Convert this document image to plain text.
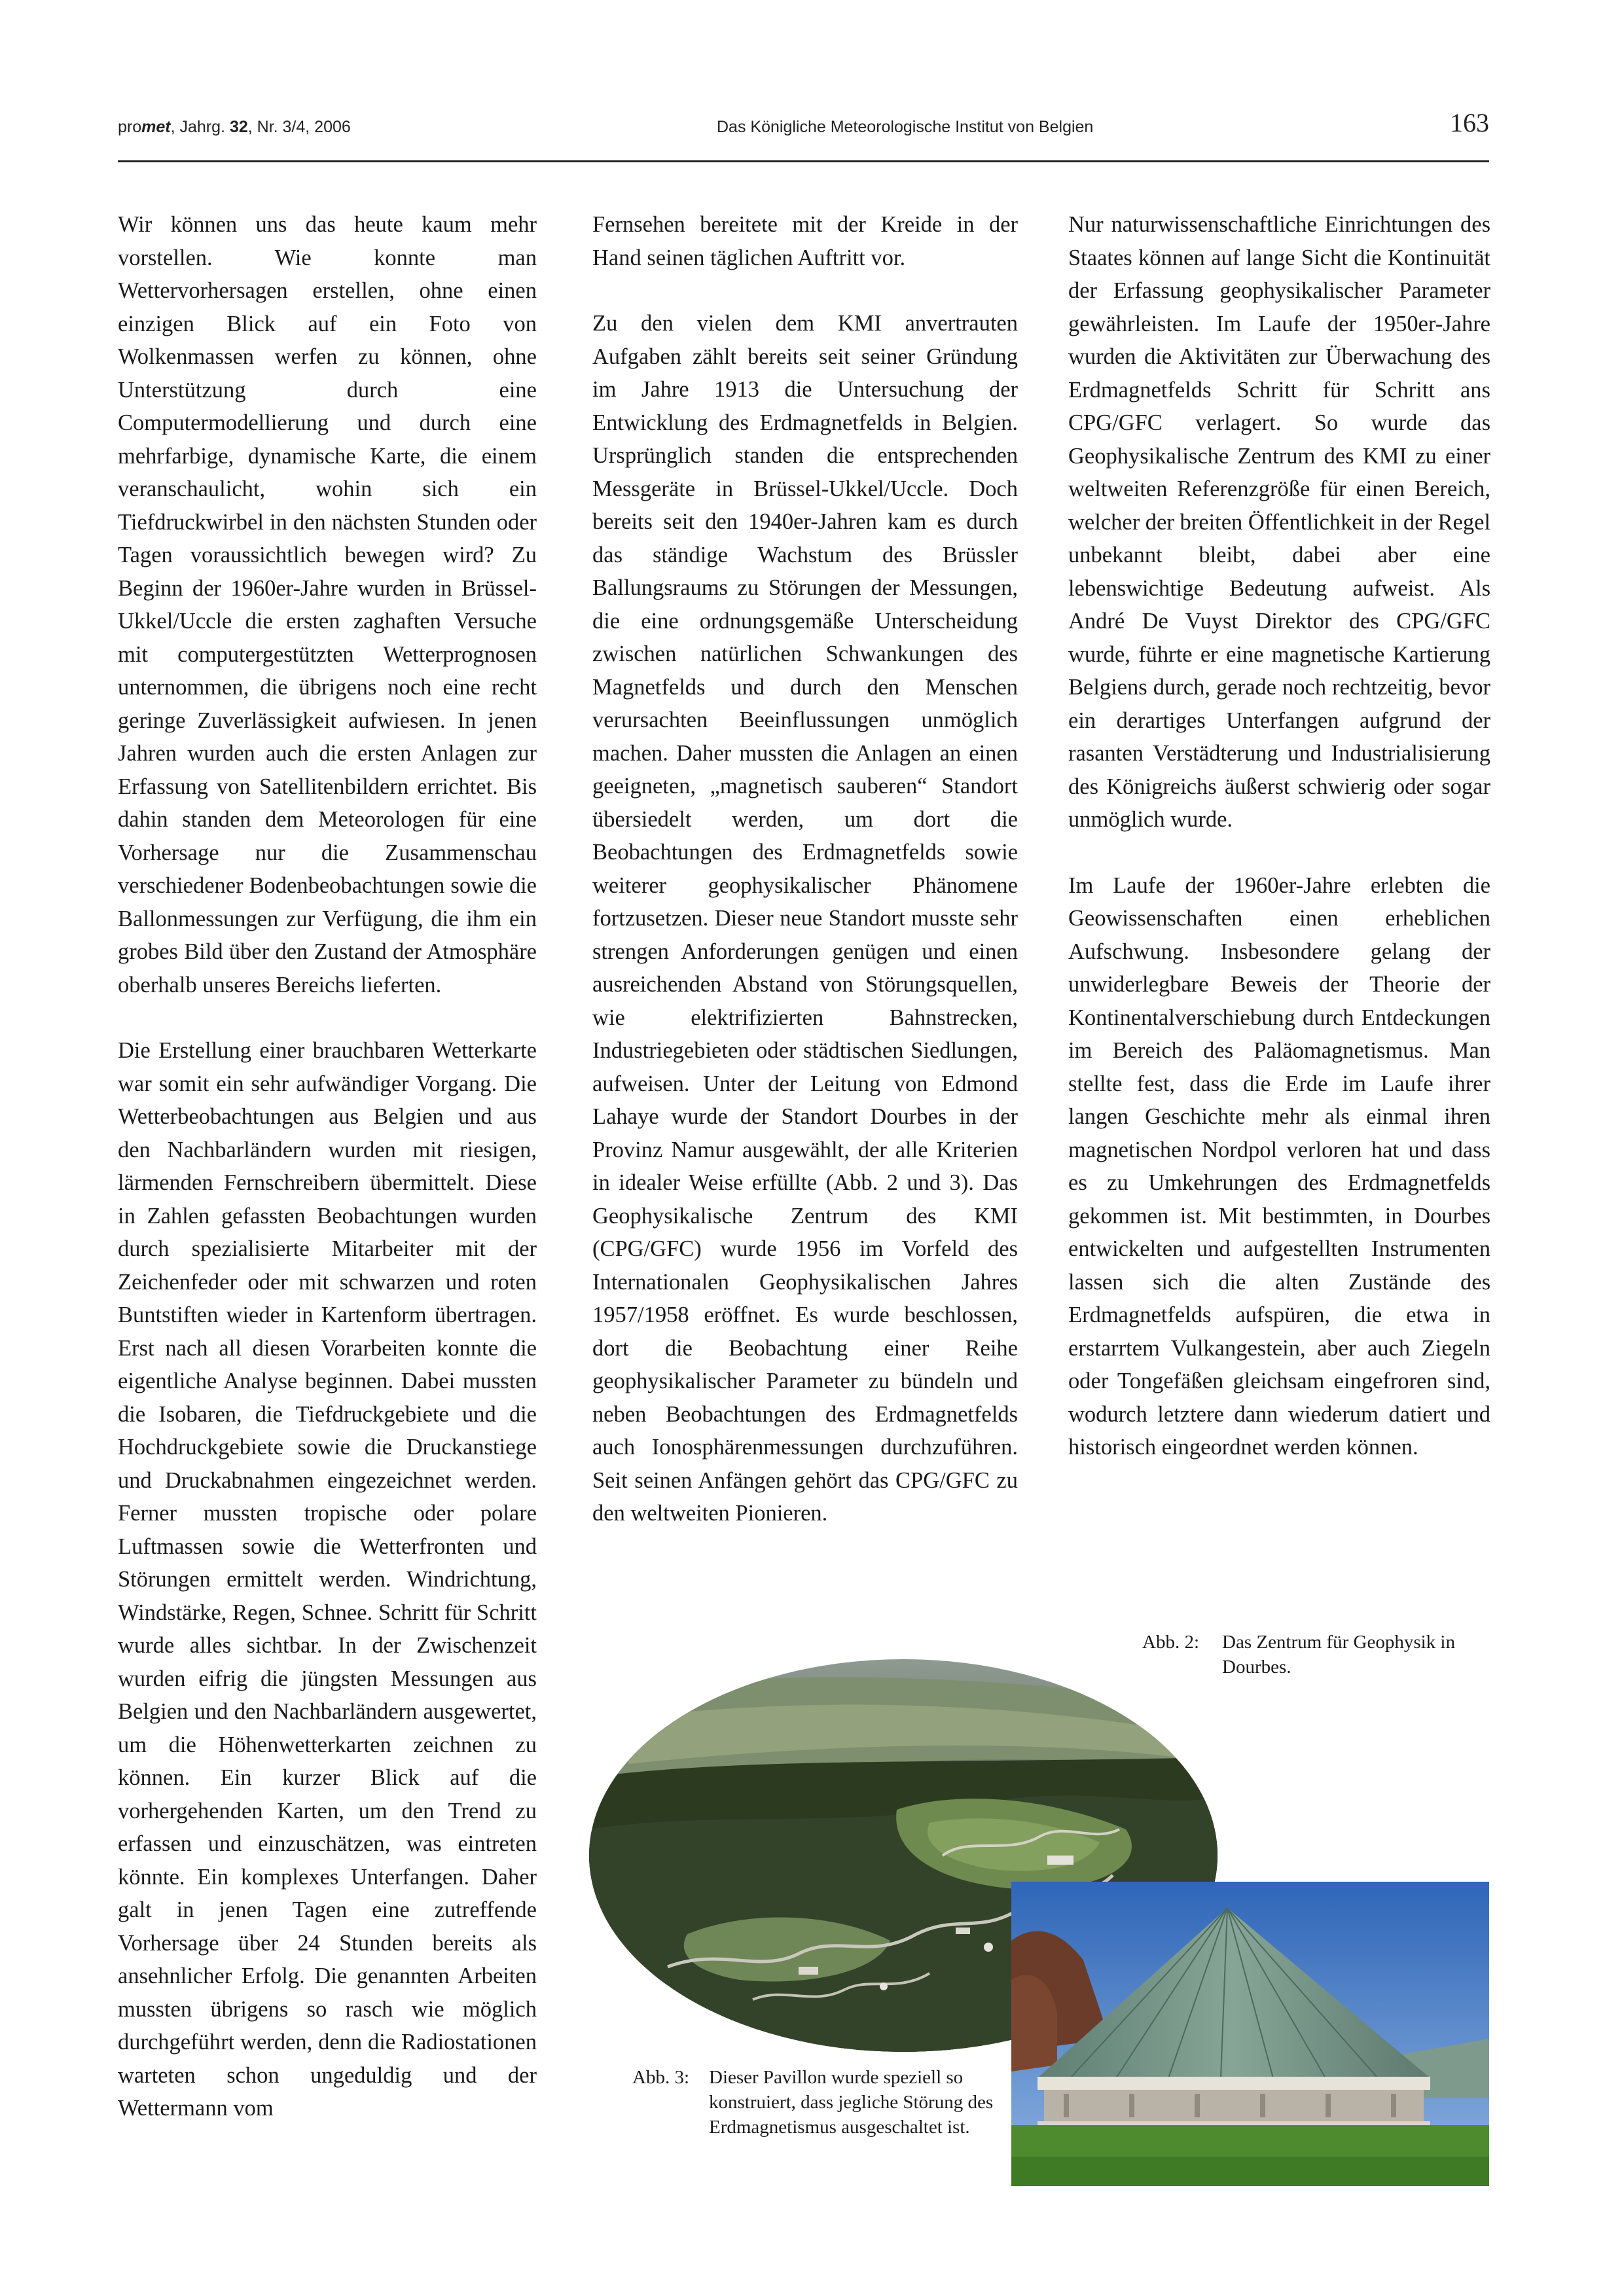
promet, Jahrg. 32, Nr. 3/4, 2006	Das Königliche Meteorologische Institut von Belgien	163

Wir können uns das heute kaum mehr vorstellen. Wie konnte man Wettervorhersagen erstellen, ohne einen einzigen Blick auf ein Foto von Wolkenmassen werfen zu können, ohne Unterstützung durch eine Computermodellierung und durch eine mehrfarbige, dynamische Karte, die einem veranschaulicht, wohin sich ein Tiefdruckwirbel in den nächsten Stunden oder Tagen voraussichtlich bewegen wird? Zu Beginn der 1960er-Jahre wurden in Brüssel-Ukkel/Uccle die ersten zaghaften Versuche mit computergestützten Wetterprognosen unternommen, die übrigens noch eine recht geringe Zuverlässigkeit aufwiesen. In jenen Jahren wurden auch die ersten Anlagen zur Erfassung von Satellitenbildern errichtet. Bis dahin standen dem Meteorologen für eine Vorhersage nur die Zusammenschau verschiedener Bodenbeobachtungen sowie die Ballonmessungen zur Verfügung, die ihm ein grobes Bild über den Zustand der Atmosphäre oberhalb unseres Bereichs lieferten.

Die Erstellung einer brauchbaren Wetterkarte war somit ein sehr aufwändiger Vorgang. Die Wetterbeobachtungen aus Belgien und aus den Nachbarländern wurden mit riesigen, lärmenden Fernschreibern übermittelt. Diese in Zahlen gefassten Beobachtungen wurden durch spezialisierte Mitarbeiter mit der Zeichenfeder oder mit schwarzen und roten Buntstiften wieder in Kartenform übertragen. Erst nach all diesen Vorarbeiten konnte die eigentliche Analyse beginnen. Dabei mussten die Isobaren, die Tiefdruckgebiete und die Hochdruckgebiete sowie die Druckanstiege und Druckabnahmen eingezeichnet werden. Ferner mussten tropische oder polare Luftmassen sowie die Wetterfronten und Störungen ermittelt werden. Windrichtung, Windstärke, Regen, Schnee. Schritt für Schritt wurde alles sichtbar. In der Zwischenzeit wurden eifrig die jüngsten Messungen aus Belgien und den Nachbarländern ausgewertet, um die Höhenwetterkarten zeichnen zu können. Ein kurzer Blick auf die vorhergehenden Karten, um den Trend zu erfassen und einzuschätzen, was eintreten könnte. Ein komplexes Unterfangen. Daher galt in jenen Tagen eine zutreffende Vorhersage über 24 Stunden bereits als ansehnlicher Erfolg. Die genannten Arbeiten mussten übrigens so rasch wie möglich durchgeführt werden, denn die Radiostationen warteten schon ungeduldig und der Wettermann vom

Fernsehen bereitete mit der Kreide in der Hand seinen täglichen Auftritt vor.

Zu den vielen dem KMI anvertrauten Aufgaben zählt bereits seit seiner Gründung im Jahre 1913 die Untersuchung der Entwicklung des Erdmagnetfelds in Belgien. Ursprünglich standen die entsprechenden Messgeräte in Brüssel-Ukkel/Uccle. Doch bereits seit den 1940er-Jahren kam es durch das ständige Wachstum des Brüssler Ballungsraums zu Störungen der Messungen, die eine ordnungsgemäße Unterscheidung zwischen natürlichen Schwankungen des Magnetfelds und durch den Menschen verursachten Beeinflussungen unmöglich machen. Daher mussten die Anlagen an einen geeigneten, „magnetisch sauberen“ Standort übersiedelt werden, um dort die Beobachtungen des Erdmagnetfelds sowie weiterer geophysikalischer Phänomene fortzusetzen. Dieser neue Standort musste sehr strengen Anforderungen genügen und einen ausreichenden Abstand von Störungsquellen, wie elektrifizierten Bahnstrecken, Industriegebieten oder städtischen Siedlungen, aufweisen. Unter der Leitung von Edmond Lahaye wurde der Standort Dourbes in der Provinz Namur ausgewählt, der alle Kriterien in idealer Weise erfüllte (Abb. 2 und 3). Das Geophysikalische Zentrum des KMI (CPG/GFC) wurde 1956 im Vorfeld des Internationalen Geophysikalischen Jahres 1957/1958 eröffnet. Es wurde beschlossen, dort die Beobachtung einer Reihe geophysikalischer Parameter zu bündeln und neben Beobachtungen des Erdmagnetfelds auch Ionosphärenmessungen durchzuführen. Seit seinen Anfängen gehört das CPG/GFC zu den weltweiten Pionieren.

Nur naturwissenschaftliche Einrichtungen des Staates können auf lange Sicht die Kontinuität der Erfassung geophysikalischer Parameter gewährleisten. Im Laufe der 1950er-Jahre wurden die Aktivitäten zur Überwachung des Erdmagnetfelds Schritt für Schritt ans CPG/GFC verlagert. So wurde das Geophysikalische Zentrum des KMI zu einer weltweiten Referenzgröße für einen Bereich, welcher der breiten Öffentlichkeit in der Regel unbekannt bleibt, dabei aber eine lebenswichtige Bedeutung aufweist. Als André De Vuyst Direktor des CPG/GFC wurde, führte er eine magnetische Kartierung Belgiens durch, gerade noch rechtzeitig, bevor ein derartiges Unterfangen aufgrund der rasanten Verstädterung und Industrialisierung des Königreichs äußerst schwierig oder sogar unmöglich wurde.

Im Laufe der 1960er-Jahre erlebten die Geowissenschaften einen erheblichen Aufschwung. Insbesondere gelang der unwiderlegbare Beweis der Theorie der Kontinentalverschiebung durch Entdeckungen im Bereich des Paläomagnetismus. Man stellte fest, dass die Erde im Laufe ihrer langen Geschichte mehr als einmal ihren magnetischen Nordpol verloren hat und dass es zu Umkehrungen des Erdmagnetfelds gekommen ist. Mit bestimmten, in Dourbes entwickelten und aufgestellten Instrumenten lassen sich die alten Zustände des Erdmagnetfelds aufspüren, die etwa in erstarrtem Vulkangestein, aber auch Ziegeln oder Tongefäßen gleichsam eingefroren sind, wodurch letztere dann wiederum datiert und historisch eingeordnet werden können.

Abb. 2: Das Zentrum für Geophysik in Dourbes.
Abb. 3: Dieser Pavillon wurde speziell so konstruiert, dass jegliche Störung des Erdmagnetismus ausgeschaltet ist.
